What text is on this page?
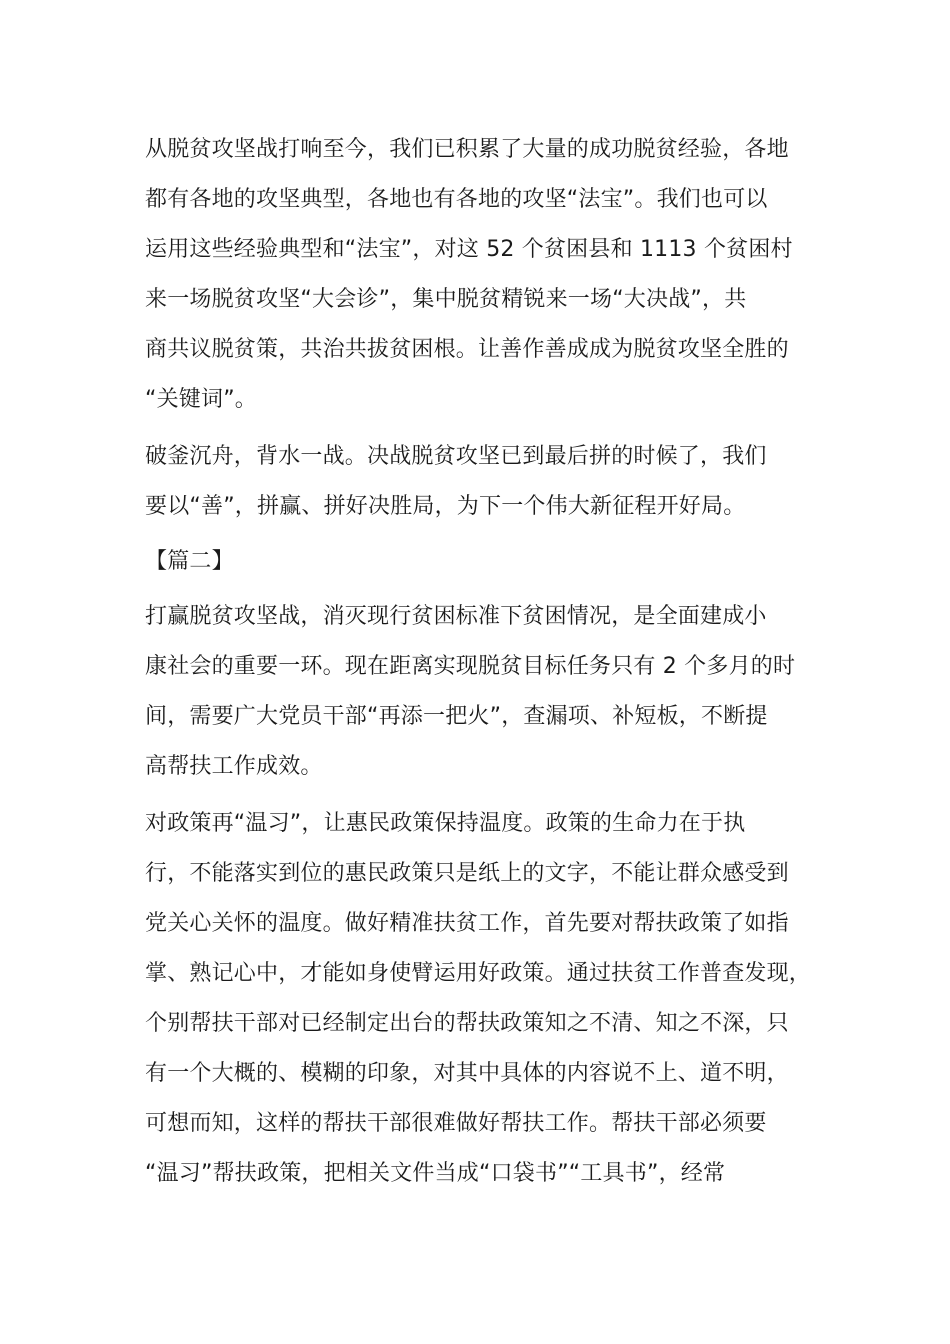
从脱贫攻坚战打响至今，我们已积累了大量的成功脱贫经验，各地
都有各地的攻坚典型，各地也有各地的攻坚“法宝”。我们也可以
运用这些经验典型和“法宝”，对这 52 个贫困县和 1113 个贫困村
来一场脱贫攻坚“大会诊”，集中脱贫精锐来一场“大决战”，共
商共议脱贫策，共治共拔贫困根。让善作善成成为脱贫攻坚全胜的
“关键词”。
破釜沉舟，背水一战。决战脱贫攻坚已到最后拼的时候了，我们
要以“善”，拼赢、拼好决胜局，为下一个伟大新征程开好局。
【篇二】
打赢脱贫攻坚战，消灭现行贫困标准下贫困情况，是全面建成小
康社会的重要一环。现在距离实现脱贫目标任务只有 2 个多月的时
间，需要广大党员干部“再添一把火”，查漏项、补短板，不断提
高帮扶工作成效。
对政策再“温习”，让惠民政策保持温度。政策的生命力在于执
行，不能落实到位的惠民政策只是纸上的文字，不能让群众感受到
党关心关怀的温度。做好精准扶贫工作，首先要对帮扶政策了如指
掌、熟记心中，才能如身使臂运用好政策。通过扶贫工作普查发现，
个别帮扶干部对已经制定出台的帮扶政策知之不清、知之不深，只
有一个大概的、模糊的印象，对其中具体的内容说不上、道不明，
可想而知，这样的帮扶干部很难做好帮扶工作。帮扶干部必须要
“温习”帮扶政策，把相关文件当成“口袋书”“工具书”，经常
